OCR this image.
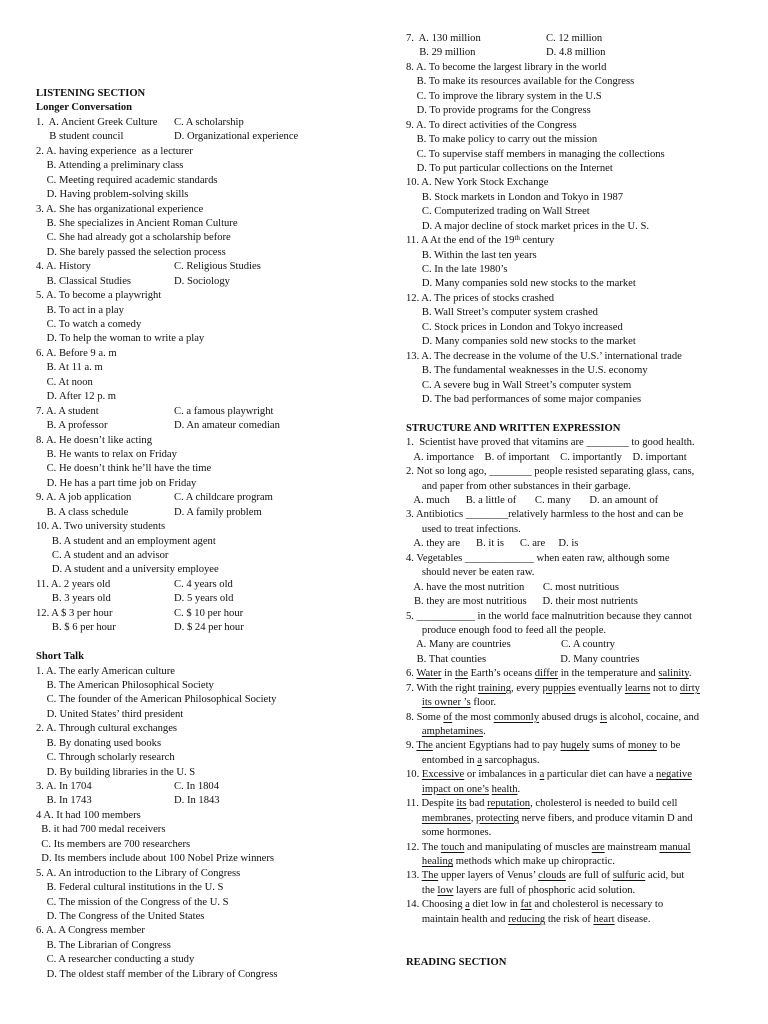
LISTENING SECTION
Longer Conversation
1.  A. Ancient Greek Culture C. A scholarship
B student council	D. Organizational experience
2. A. having experience  as a lecturer
B. Attending a preliminary class
C. Meeting required academic standards
D. Having problem-solving skills
3. A. She has organizational experience
B. She specializes in Ancient Roman Culture
C. She had already got a scholarship before
D. She barely passed the selection process
4. A. History	C. Religious Studies
B. Classical Studies	D. Sociology
5. A. To become a playwright
B. To act in a play
C. To watch a comedy
D. To help the woman to write a play
6. A. Before 9 a. m
B. At 11 a. m
C. At noon
D. After 12 p. m
7. A. A student	C. a famous playwright
B. A professor	D. An amateur comedian
8. A. He doesn’t like acting
B. He wants to relax on Friday
C. He doesn’t think he’ll have the time
D. He has a part time job on Friday
9. A. A job application	C. A childcare program
B. A class schedule	D. A family problem
10. A. Two university students
B. A student and an employment agent
C. A student and an advisor
D. A student and a university employee
11. A. 2 years old	C. 4 years old
B. 3 years old	D. 5 years old
12. A $ 3 per hour	C. $ 10 per hour
B. $ 6 per hour	D. $ 24 per hour
Short Talk
1. A. The early American culture
B. The American Philosophical Society
C. The founder of the American Philosophical Society
D. United States’ third president
2. A. Through cultural exchanges
B. By donating used books
C. Through scholarly research
D. By building libraries in the U. S
3. A. In 1704	C. In 1804
B. In 1743	D. In 1843
4 A. It had 100 members
B. it had 700 medal receivers
C. Its members are 700 researchers
D. Its members include about 100 Nobel Prize winners
5. A. An introduction to the Library of Congress
B. Federal cultural institutions in the U. S
C. The mission of the Congress of the U. S
D. The Congress of the United States
6. A. A Congress member
B. The Librarian of Congress
C. A researcher conducting a study
D. The oldest staff member of the Library of Congress
7.  A. 130 million	C. 12 million
B. 29 million	D. 4.8 million
8. A. To become the largest library in the world
B. To make its resources available for the Congress
C. To improve the library system in the U.S
D. To provide programs for the Congress
9. A. To direct activities of the Congress
B. To make policy to carry out the mission
C. To supervise staff members in managing the collections
D. To put particular collections on the Internet
10. A. New York Stock Exchange
B. Stock markets in London and Tokyo in 1987
C. Computerized trading on Wall Street
D. A major decline of stock market prices in the U. S.
11. A At the end of the 19th century
B. Within the last ten years
C. In the late 1980’s
D. Many companies sold new stocks to the market
12. A. The prices of stocks crashed
B. Wall Street’s computer system crashed
C. Stock prices in London and Tokyo increased
D. Many companies sold new stocks to the market
13. A. The decrease in the volume of the U.S.’ international trade
B. The fundamental weaknesses in the U.S. economy
C. A severe bug in Wall Street’s computer system
D. The bad performances of some major companies
STRUCTURE AND WRITTEN EXPRESSION
1.  Scientist have proved that vitamins are ________ to good health.
A. importance    B. of important    C. importantly    D. important
2. Not so long ago, ________ people resisted separating glass, cans,
and paper from other substances in their garbage.
A. much      B. a little of       C. many       D. an amount of
3. Antibiotics ________relatively harmless to the host and can be
used to treat infections.
A. they are      B. it is      C. are     D. is
4. Vegetables _____________ when eaten raw, although some
should never be eaten raw.
A. have the most nutrition       C. most nutritious
B. they are most nutritious      D. their most nutrients
5. ___________ in the world face malnutrition because they cannot
produce enough food to feed all the people.
A. Many are countries                   C. A country
B. That counties                            D. Many countries
6. Water in the Earth’s oceans differ in the temperature and salinity.
7. With the right training, every puppies eventually learns not to dirty
its owner ’s floor.
8. Some of the most commonly abused drugs is alcohol, cocaine, and
amphetamines.
9. The ancient Egyptians had to pay hugely sums of money to be
entombed in a sarcophagus.
10. Excessive or imbalances in a particular diet can have a negative
impact on one’s health.
11. Despite its bad reputation, cholesterol is needed to build cell
membranes, protecting nerve fibers, and produce vitamin D and
some hormones.
12. The touch and manipulating of muscles are mainstream manual
healing methods which make up chiropractic.
13. The upper layers of Venus’ clouds are full of sulfuric acid, but
the low layers are full of phosphoric acid solution.
14. Choosing a diet low in fat and cholesterol is necessary to
maintain health and reducing the risk of heart disease.
READING SECTION
